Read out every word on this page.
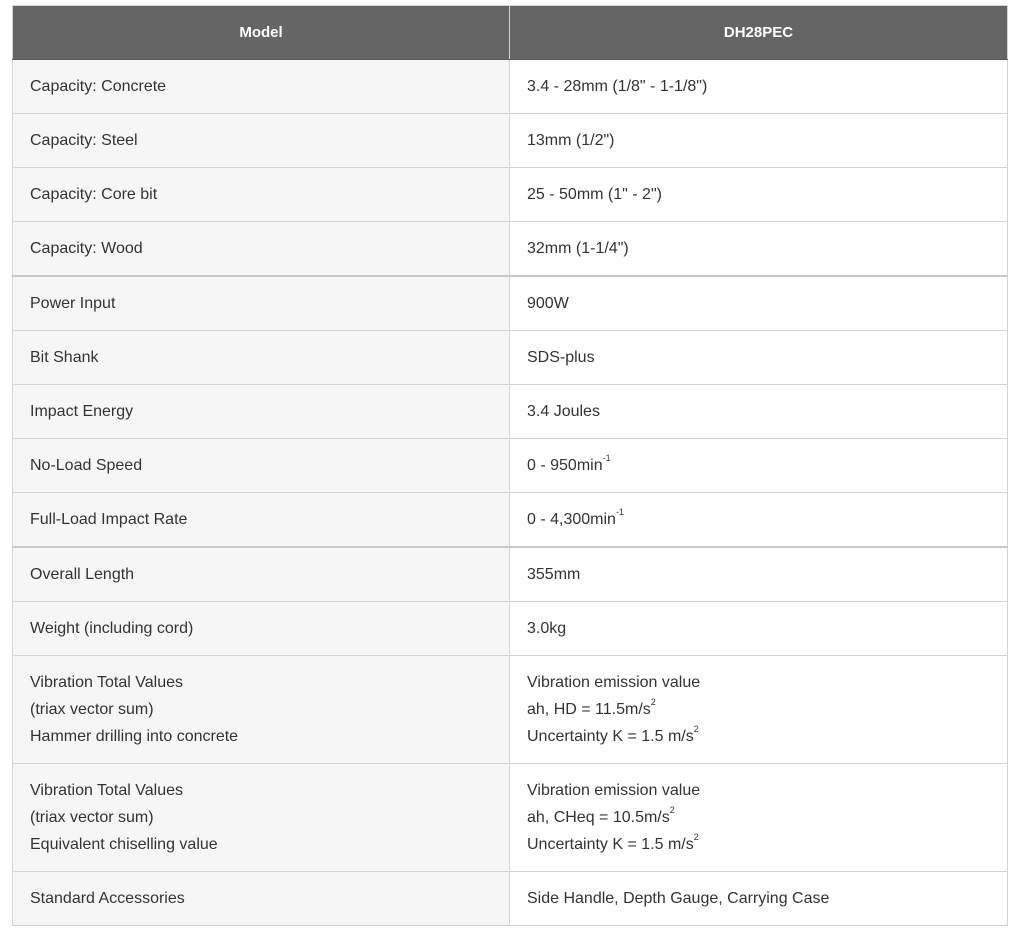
Model	DH28PEC
Capacity: Concrete	3.4 - 28mm (1/8" - 1-1/8")
Capacity: Steel	13mm (1/2")
Capacity: Core bit	25 - 50mm (1" - 2")
Capacity: Wood	32mm (1-1/4")
Power Input	900W
Bit Shank	SDS-plus
Impact Energy	3.4 Joules
No-Load Speed	$0 - 950\min^{-1}$
Full-Load Impact Rate	$0 - 4,300\min^{-1}$
Overall Length	355mm
Weight (including cord)	3.0kg

Vibration Total Values
(triax vector sum)
Hammer drilling into concrete	Vibration emission value
ah, HD = $11.5m/s^2$
Uncertainty K = 1.5 $m/s^2$

Vibration Total Values
(triax vector sum)
Equivalent chiselling value	Vibration emission value
ah, CHeq = $10.5m/s^2$
Uncertainty K = 1.5 $m/s^2$

Standard Accessories	Side Handle, Depth Gauge, Carrying Case
